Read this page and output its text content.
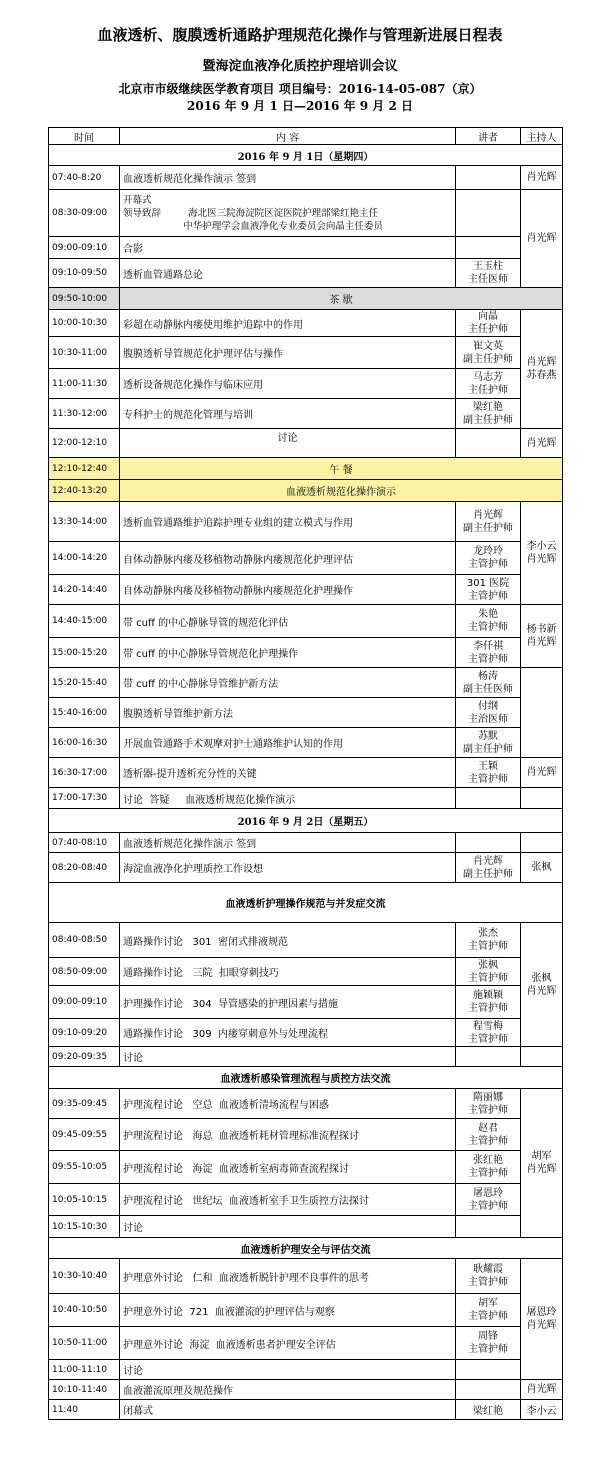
血液透析、腹膜透析通路护理规范化操作与管理新进展日程表
暨海淀血液净化质控护理培训会议
北京市市级继续医学教育项目 项目编号：2016-14-05-087（京）
2016 年 9 月 1 日—2016 年 9 月 2 日
时间	内 容	讲者	主持人
2016 年 9 月 1日（星期四）			
07:40-8:20	血液透析规范化操作演示 签到		肖光辉

08:30-09:00	开幕式
领导致辞         海北医三院海淀院区淀医院护理部梁红艳主任
中华护理学会血液净化专业委员会向晶主任委员		肖光辉

09:00-09:10	合影		
09:10-09:50	透析血管通路总论	王玉柱
主任医师	

09:50-10:00	茶 歇		
10:00-10:30	彩超在动静脉内瘘使用维护追踪中的作用	向晶
主任护师	肖光辉
苏春燕

10:30-11:00	腹膜透析导管规范化护理评估与操作	崔文英
副主任护师	

11:00-11:30	透析设备规范化操作与临床应用	马志芳
主任护师	

11:30-12:00	专科护士的规范化管理与培训	梁红艳
副主任护师	

12:00-12:10	讨论		肖光辉

12:10-12:40	午 餐		
12:40-13:20	血液透析规范化操作演示		
13:30-14:00	透析血管通路维护追踪护理专业组的建立模式与作用	肖光辉
副主任护师	李小云
肖光辉

14:00-14:20	自体动静脉内瘘及移植物动静脉内瘘规范化护理评估	龙玲玲
主管护师	

14:20-14:40	自体动静脉内瘘及移植物动静脉内瘘规范化护理操作	301 医院
主管护师	

14:40-15:00	带 cuff 的中心静脉导管的规范化评估	朱艳
主管护师	杨书新
肖光辉

15:00-15:20	带 cuff 的中心静脉导管规范化护理操作	李仟祺
主管护师	

15:20-15:40	带 cuff 的中心静脉导管维护新方法	杨涛
副主任医师	

15:40-16:00	腹膜透析导管维护新方法	付纲
主治医师	

16:00-16:30	开展血管通路手术观摩对护士通路维护认知的作用	苏默
副主任护师	

16:30-17:00	透析器-提升透析充分性的关键	王颖
主管护师	肖光辉

17:00-17:30	讨论  答疑     血液透析规范化操作演示		
2016 年 9 月 2日（星期五）			
07:40-08:10	血液透析规范化操作演示 签到		
08:20-08:40	海淀血液净化护理质控工作设想	肖光辉
副主任护师	张枫

血液透析护理操作规范与并发症交流			
08:40-08:50	通路操作讨论   301  密闭式排液规范	张杰
主管护师	张枫
肖光辉

08:50-09:00	通路操作讨论   三院  扣眼穿刺技巧	张枫
主管护师	

09:00-09:10	护理操作讨论   304  导管感染的护理因素与措施	施颖颖
主管护师	

09:10-09:20	通路操作讨论   309  内瘘穿刺意外与处理流程	程雪梅
主管护师	

09:20-09:35	讨论		
血液透析感染管理流程与质控方法交流			
09:35-09:45	护理流程讨论   空总  血液透析清场流程与困惑	隋丽娜
主管护师	胡军
肖光辉

09:45-09:55	护理流程讨论   海总  血液透析耗材管理标准流程探讨	赵君
主管护师	

09:55-10:05	护理流程讨论   海淀  血液透析室病毒筛查流程探讨	张红艳
主管护师	

10:05-10:15	护理流程讨论   世纪坛  血液透析室手卫生质控方法探讨	屠恩玲
主管护师	

10:15-10:30	讨论		
血液透析护理安全与评估交流			
10:30-10:40	护理意外讨论   仁和  血液透析脱针护理不良事件的思考	耿耀霞
主管护师	屠恩玲
肖光辉

10:40-10:50	护理意外讨论  721  血液灌流的护理评估与观察	胡军
主管护师	

10:50-11:00	护理意外讨论  海淀  血液透析患者护理安全评估	周锋
主管护师	

11:00-11:10	讨论		
10:10-11:40	血液灌流原理及规范操作		肖光辉

11:40	闭幕式	梁红艳	李小云
